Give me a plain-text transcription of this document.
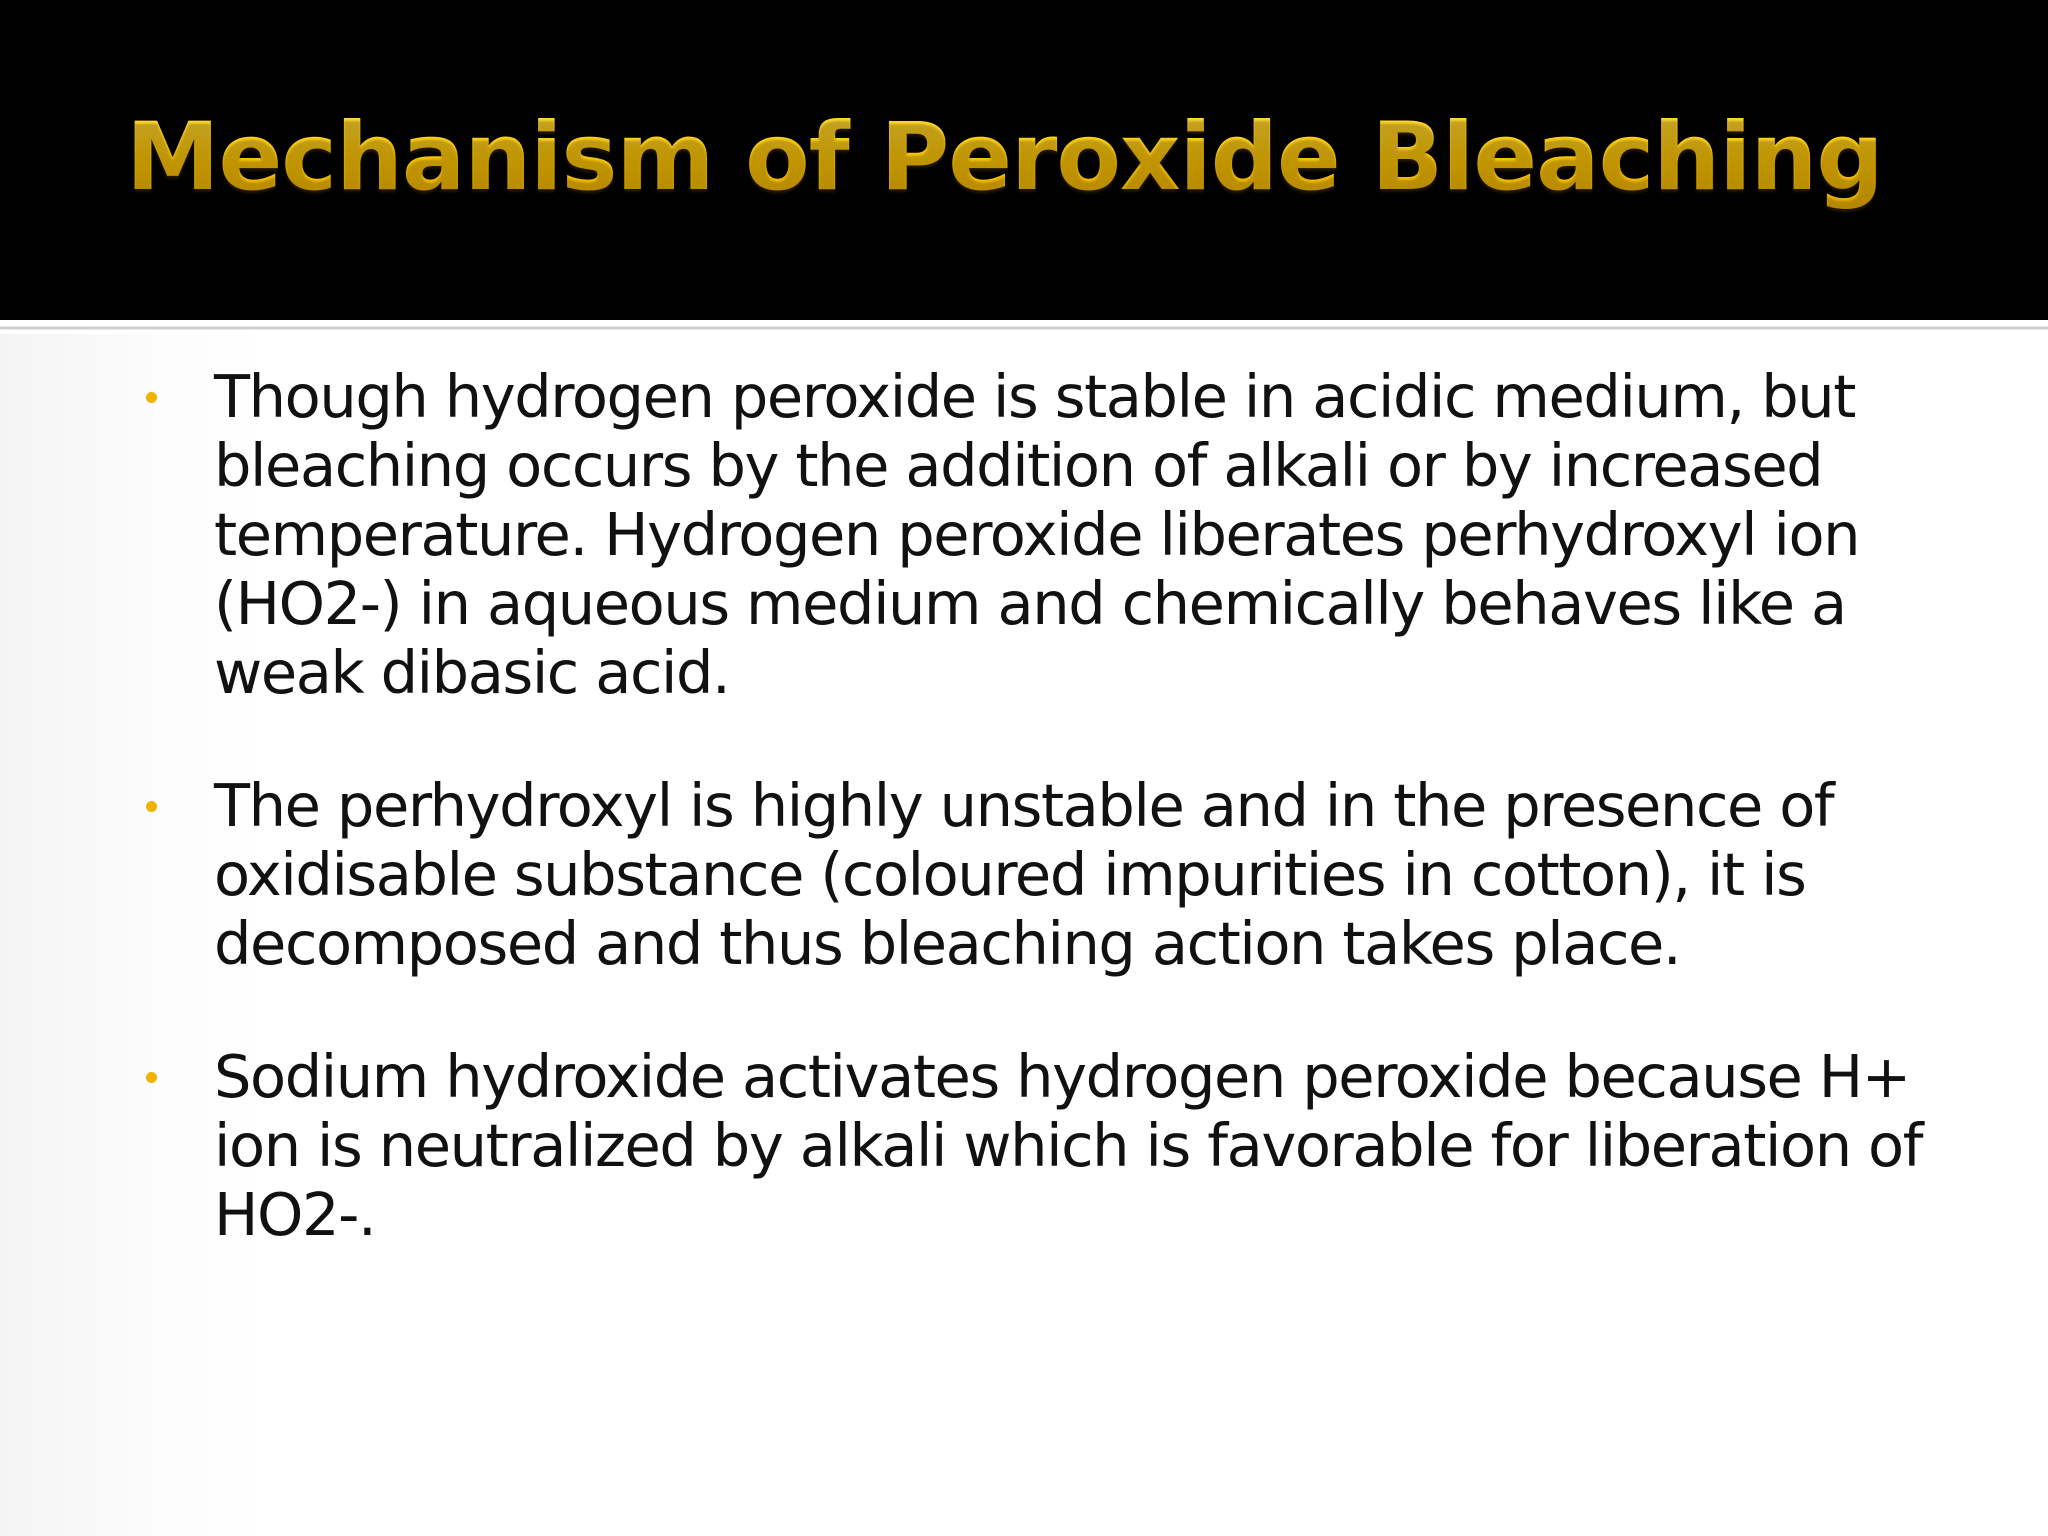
Mechanism of Peroxide Bleaching
Though hydrogen peroxide is stable in acidic medium, but bleaching occurs by the addition of alkali or by increased temperature. Hydrogen peroxide liberates perhydroxyl ion (HO2-) in aqueous medium and chemically behaves like a weak dibasic acid.
The perhydroxyl is highly unstable and in the presence of oxidisable substance (coloured impurities in cotton), it is decomposed and thus bleaching action takes place.
Sodium hydroxide activates hydrogen peroxide because H+ ion is neutralized by alkali which is favorable for liberation of HO2-.
